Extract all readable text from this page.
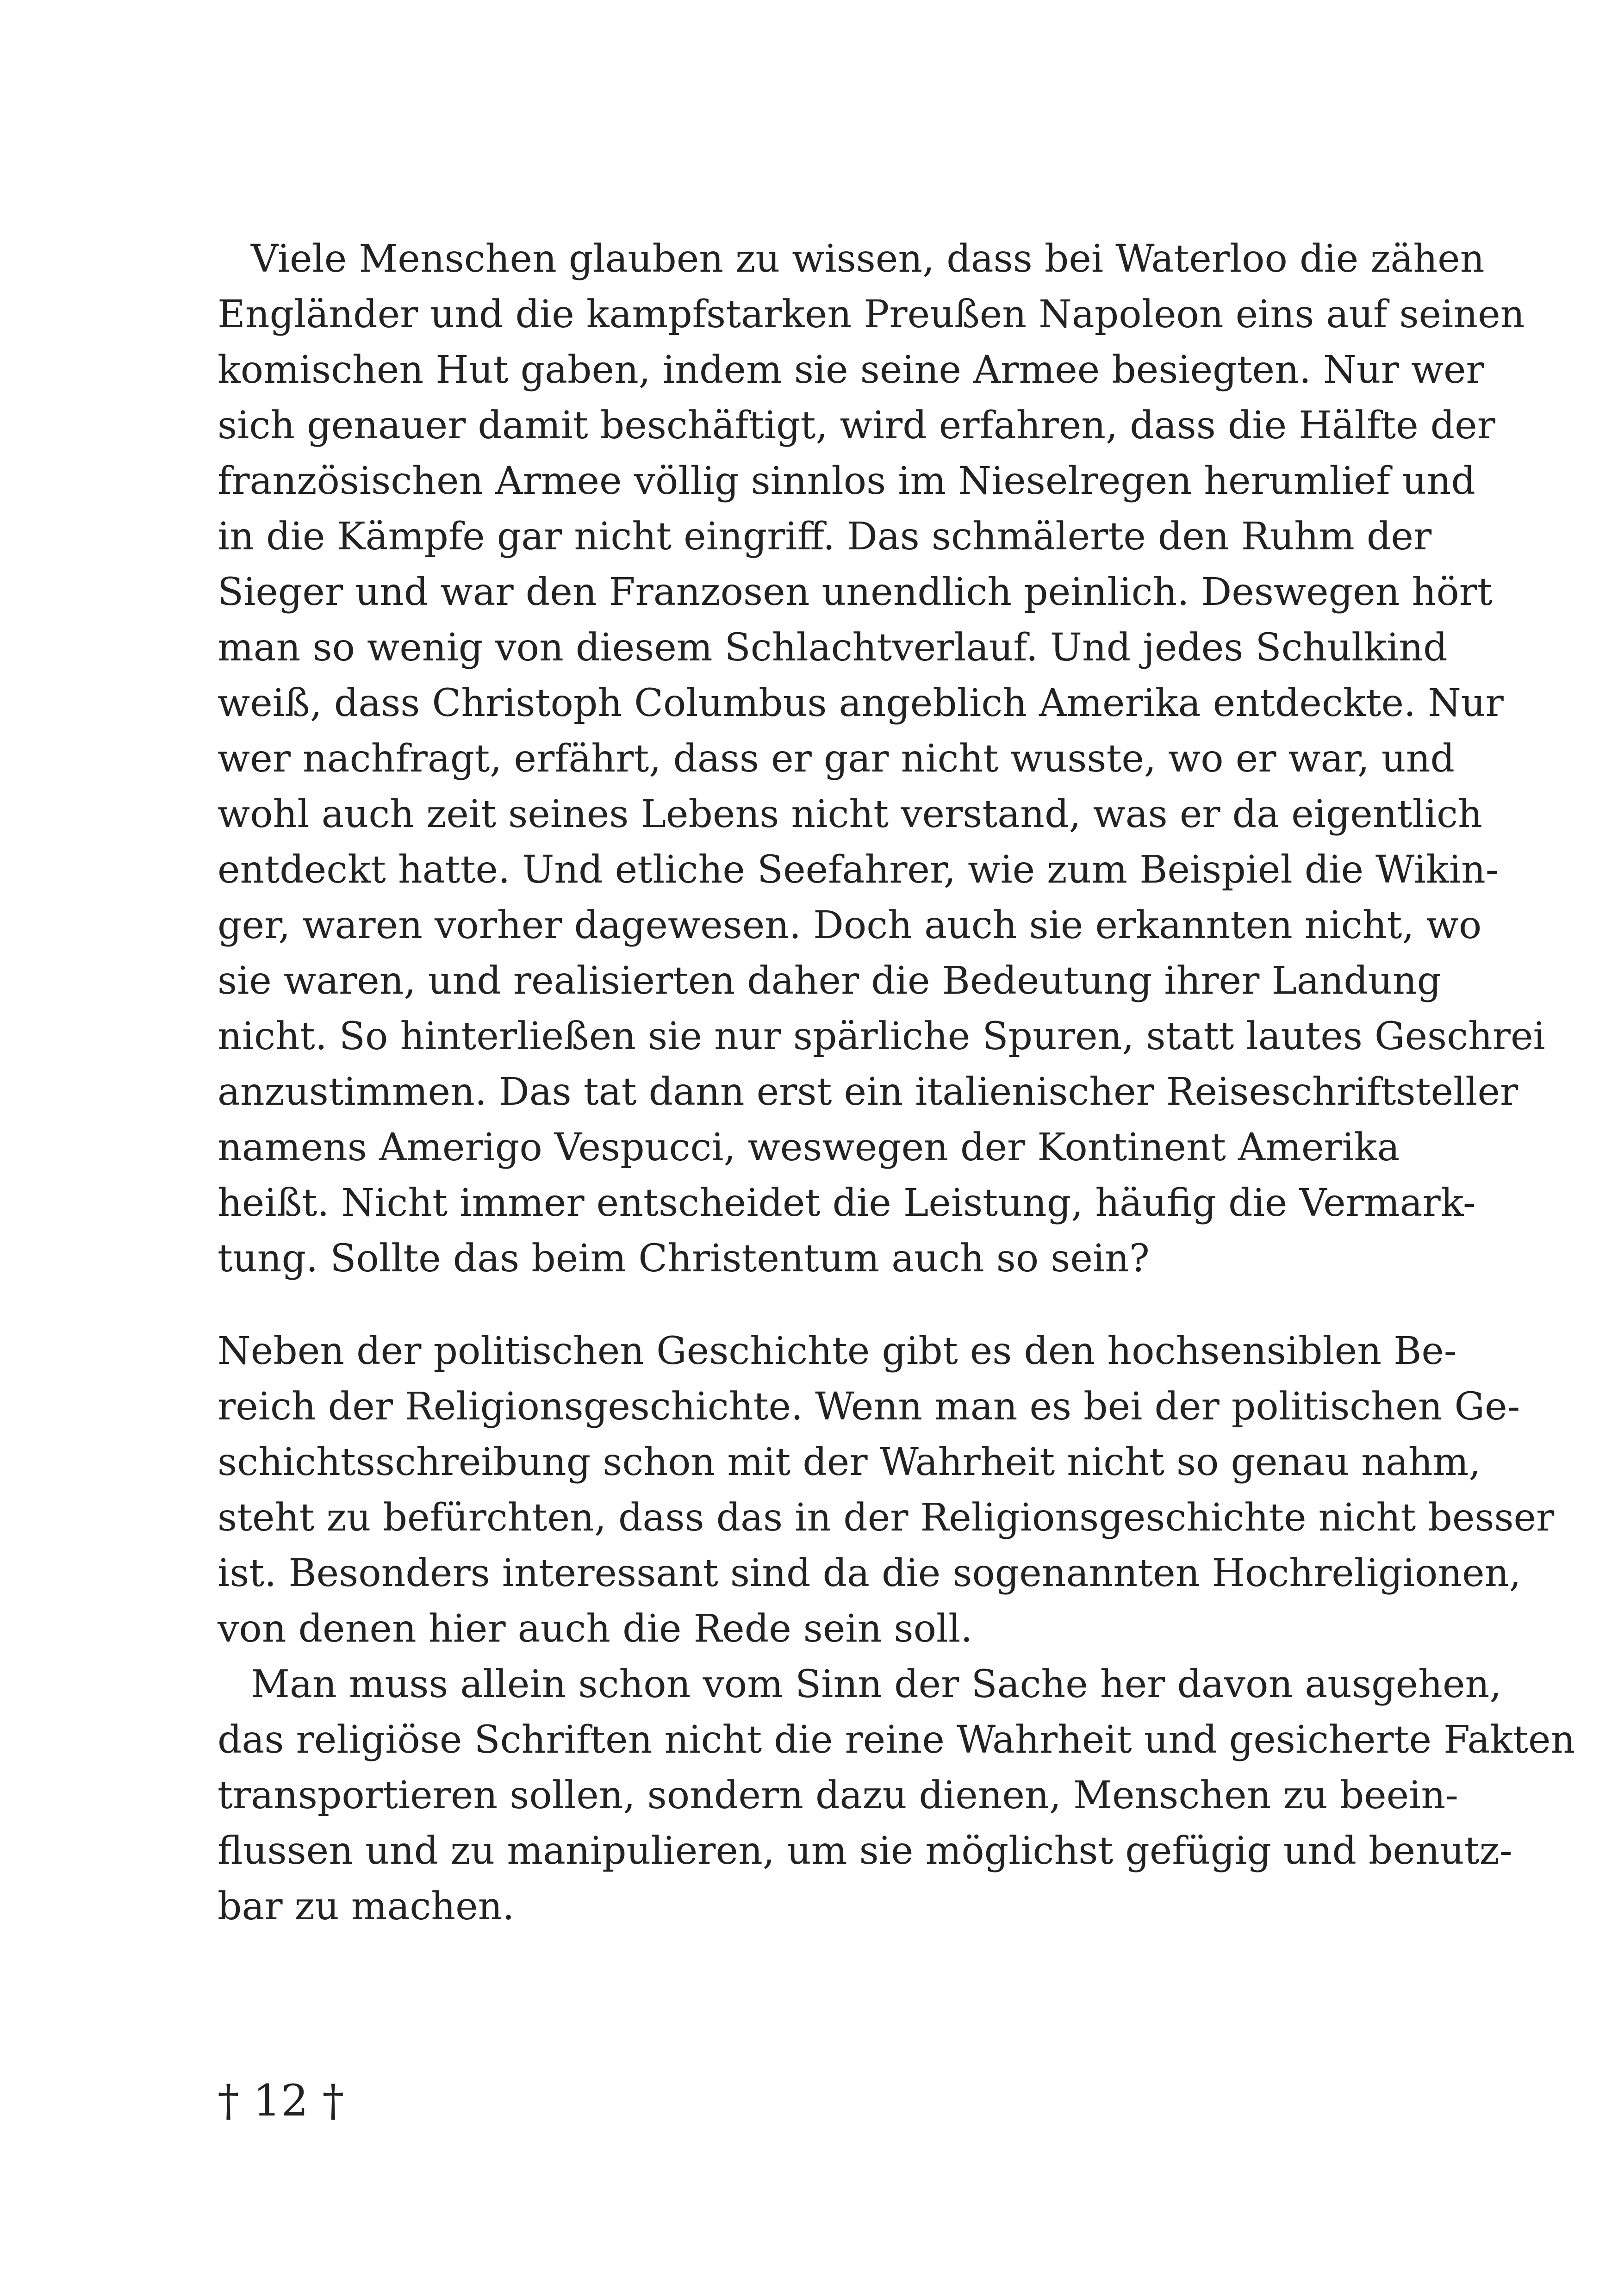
Viele Menschen glauben zu wissen, dass bei Waterloo die zähen
Engländer und die kampfstarken Preußen Napoleon eins auf seinen
komischen Hut gaben, indem sie seine Armee besiegten. Nur wer
sich genauer damit beschäftigt, wird erfahren, dass die Hälfte der
französischen Armee völlig sinnlos im Nieselregen herumlief und
in die Kämpfe gar nicht eingriff. Das schmälerte den Ruhm der
Sieger und war den Franzosen unendlich peinlich. Deswegen hört
man so wenig von diesem Schlachtverlauf. Und jedes Schulkind
weiß, dass Christoph Columbus angeblich Amerika entdeckte. Nur
wer nachfragt, erfährt, dass er gar nicht wusste, wo er war, und
wohl auch zeit seines Lebens nicht verstand, was er da eigentlich
entdeckt hatte. Und etliche Seefahrer, wie zum Beispiel die Wikin-
ger, waren vorher dagewesen. Doch auch sie erkannten nicht, wo
sie waren, und realisierten daher die Bedeutung ihrer Landung
nicht. So hinterließen sie nur spärliche Spuren, statt lautes Geschrei
anzustimmen. Das tat dann erst ein italienischer Reiseschriftsteller
namens Amerigo Vespucci, weswegen der Kontinent Amerika
heißt. Nicht immer entscheidet die Leistung, häufig die Vermark-
tung. Sollte das beim Christentum auch so sein?
Neben der politischen Geschichte gibt es den hochsensiblen Be-
reich der Religionsgeschichte. Wenn man es bei der politischen Ge-
schichtsschreibung schon mit der Wahrheit nicht so genau nahm,
steht zu befürchten, dass das in der Religionsgeschichte nicht besser
ist. Besonders interessant sind da die sogenannten Hochreligionen,
von denen hier auch die Rede sein soll.
Man muss allein schon vom Sinn der Sache her davon ausgehen,
das religiöse Schriften nicht die reine Wahrheit und gesicherte Fakten
transportieren sollen, sondern dazu dienen, Menschen zu beein-
flussen und zu manipulieren, um sie möglichst gefügig und benutz-
bar zu machen.
† 12 †
